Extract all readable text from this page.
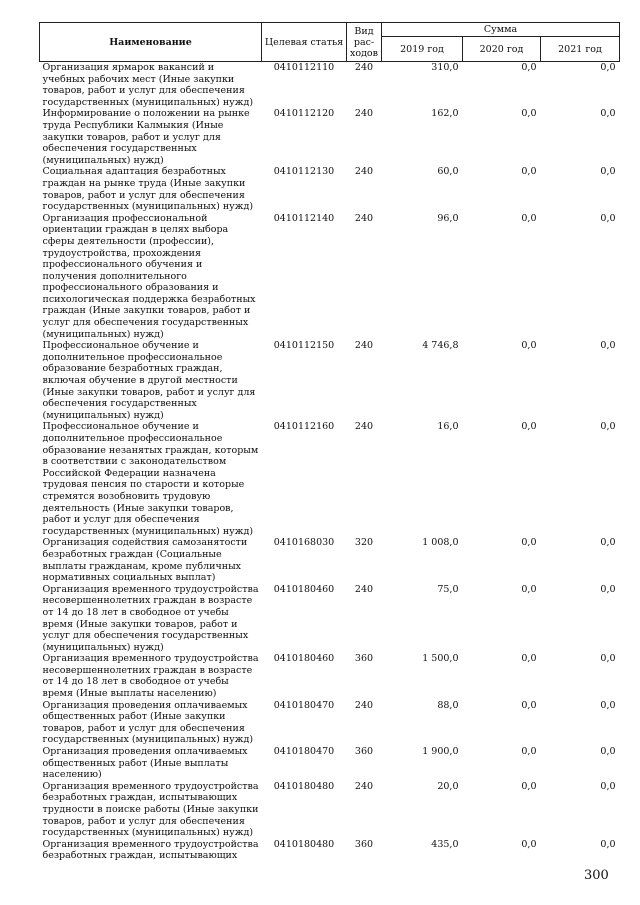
Наименование	Целевая статья	Вид рас- ходов	Сумма		
			2019 год	2020 год	2021 год
Организация ярмарок вакансий и учебных рабочих мест (Иные закупки товаров, работ и услуг для обеспечения государственных (муниципальных) нужд)	0410112110	240	310,0	0,0	0,0
Информирование о положении на рынке труда Республики Калмыкия (Иные закупки товаров, работ и услуг для обеспечения государственных (муниципальных) нужд)	0410112120	240	162,0	0,0	0,0
Социальная адаптация безработных граждан на рынке труда (Иные закупки товаров, работ и услуг для обеспечения государственных (муниципальных) нужд)	0410112130	240	60,0	0,0	0,0
Организация профессиональной ориентации граждан в целях выбора сферы деятельности (профессии), трудоустройства, прохождения профессионального обучения и получения дополнительного профессионального образования и психологическая поддержка безработных граждан (Иные закупки товаров, работ и услуг для обеспечения государственных (муниципальных) нужд)	0410112140	240	96,0	0,0	0,0
Профессиональное обучение и дополнительное профессиональное образование безработных граждан, включая обучение в другой местности (Иные закупки товаров, работ и услуг для обеспечения государственных (муниципальных) нужд)	0410112150	240	4 746,8	0,0	0,0
Профессиональное обучение и дополнительное профессиональное образование незанятых граждан, которым в соответствии с законодательством Российской Федерации назначена трудовая пенсия по старости и которые стремятся возобновить трудовую деятельность (Иные закупки товаров, работ и услуг для обеспечения государственных (муниципальных) нужд)	0410112160	240	16,0	0,0	0,0
Организация содействия самозанятости безработных граждан (Социальные выплаты гражданам, кроме публичных нормативных социальных выплат)	0410168030	320	1 008,0	0,0	0,0
Организация временного трудоустройства несовершеннолетних граждан в возрасте от 14 до 18 лет в свободное от учебы время (Иные закупки товаров, работ и услуг для обеспечения государственных (муниципальных) нужд)	0410180460	240	75,0	0,0	0,0
Организация временного трудоустройства несовершеннолетних граждан в возрасте от 14 до 18 лет в свободное от учебы время (Иные выплаты населению)	0410180460	360	1 500,0	0,0	0,0
Организация проведения оплачиваемых общественных работ (Иные закупки товаров, работ и услуг для обеспечения государственных (муниципальных) нужд)	0410180470	240	88,0	0,0	0,0
Организация проведения оплачиваемых общественных работ (Иные выплаты населению)	0410180470	360	1 900,0	0,0	0,0
Организация временного трудоустройства безработных граждан, испытывающих трудности в поиске работы (Иные закупки товаров, работ и услуг для обеспечения государственных (муниципальных) нужд)	0410180480	240	20,0	0,0	0,0
Организация временного трудоустройства безработных граждан, испытывающих	0410180480	360	435,0	0,0	0,0
300
